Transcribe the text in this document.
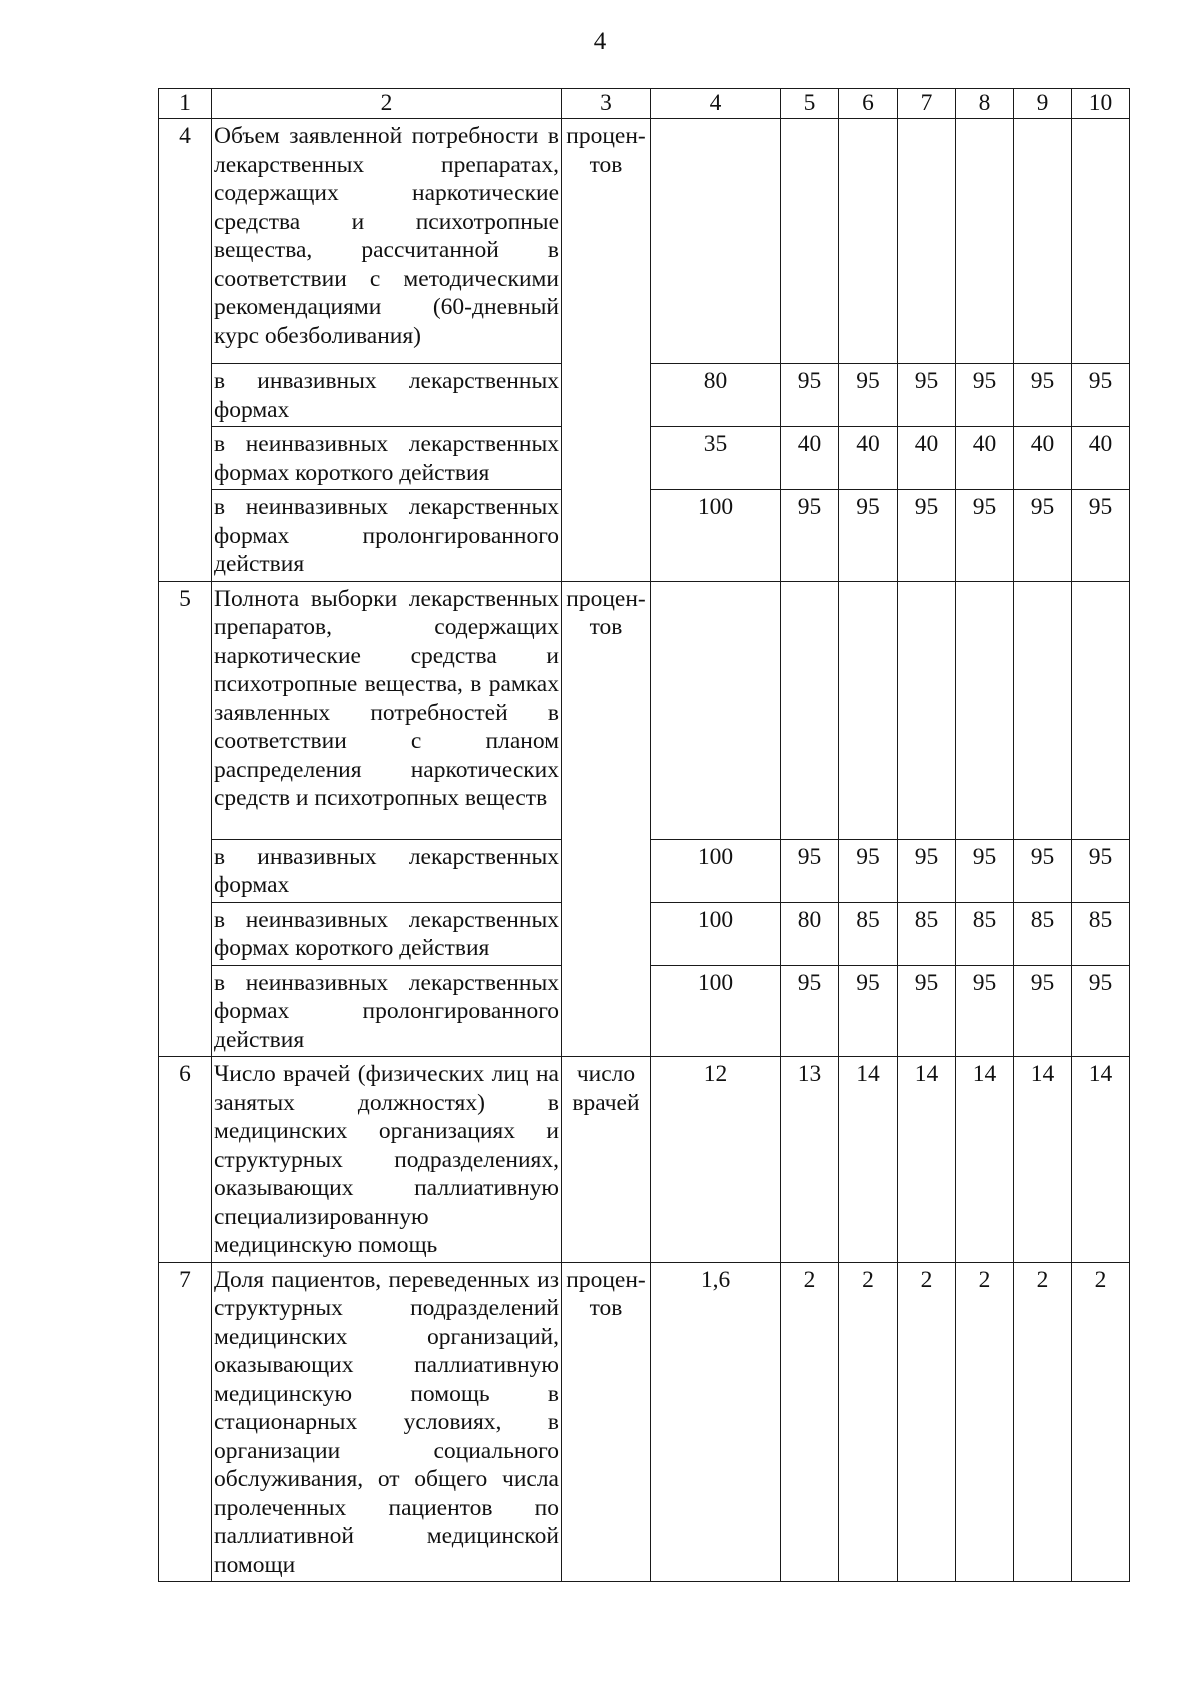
4
1	2	3	4	5	6	7	8	9	10
4	Объем заявленной потребности в лекарственных препаратах, содержащих наркотические средства и психотропные вещества, рассчитанной в соответствии с методическими рекомендациями (60-дневный курс обезболивания)	процен- тов							
	в инвазивных лекарственных формах		80	95	95	95	95	95	95
	в неинвазивных лекарственных формах короткого действия		35	40	40	40	40	40	40
	в неинвазивных лекарственных формах пролонгированного действия		100	95	95	95	95	95	95
5	Полнота выборки лекарственных препаратов, содержащих наркотические средства и психотропные вещества, в рамках заявленных потребностей в соответствии с планом распределения наркотических средств и психотропных веществ	процен- тов							
	в инвазивных лекарственных формах		100	95	95	95	95	95	95
	в неинвазивных лекарственных формах короткого действия		100	80	85	85	85	85	85
	в неинвазивных лекарственных формах пролонгированного действия		100	95	95	95	95	95	95
6	Число врачей (физических лиц на занятых должностях) в медицинских организациях и структурных подразделениях, оказывающих паллиативную специализированную медицинскую помощь	число врачей	12	13	14	14	14	14	14
7	Доля пациентов, переведенных из структурных подразделений медицинских организаций, оказывающих паллиативную медицинскую помощь в стационарных условиях, в организации социального обслуживания, от общего числа пролеченных пациентов по паллиативной медицинской помощи	процен- тов	1,6	2	2	2	2	2	2
